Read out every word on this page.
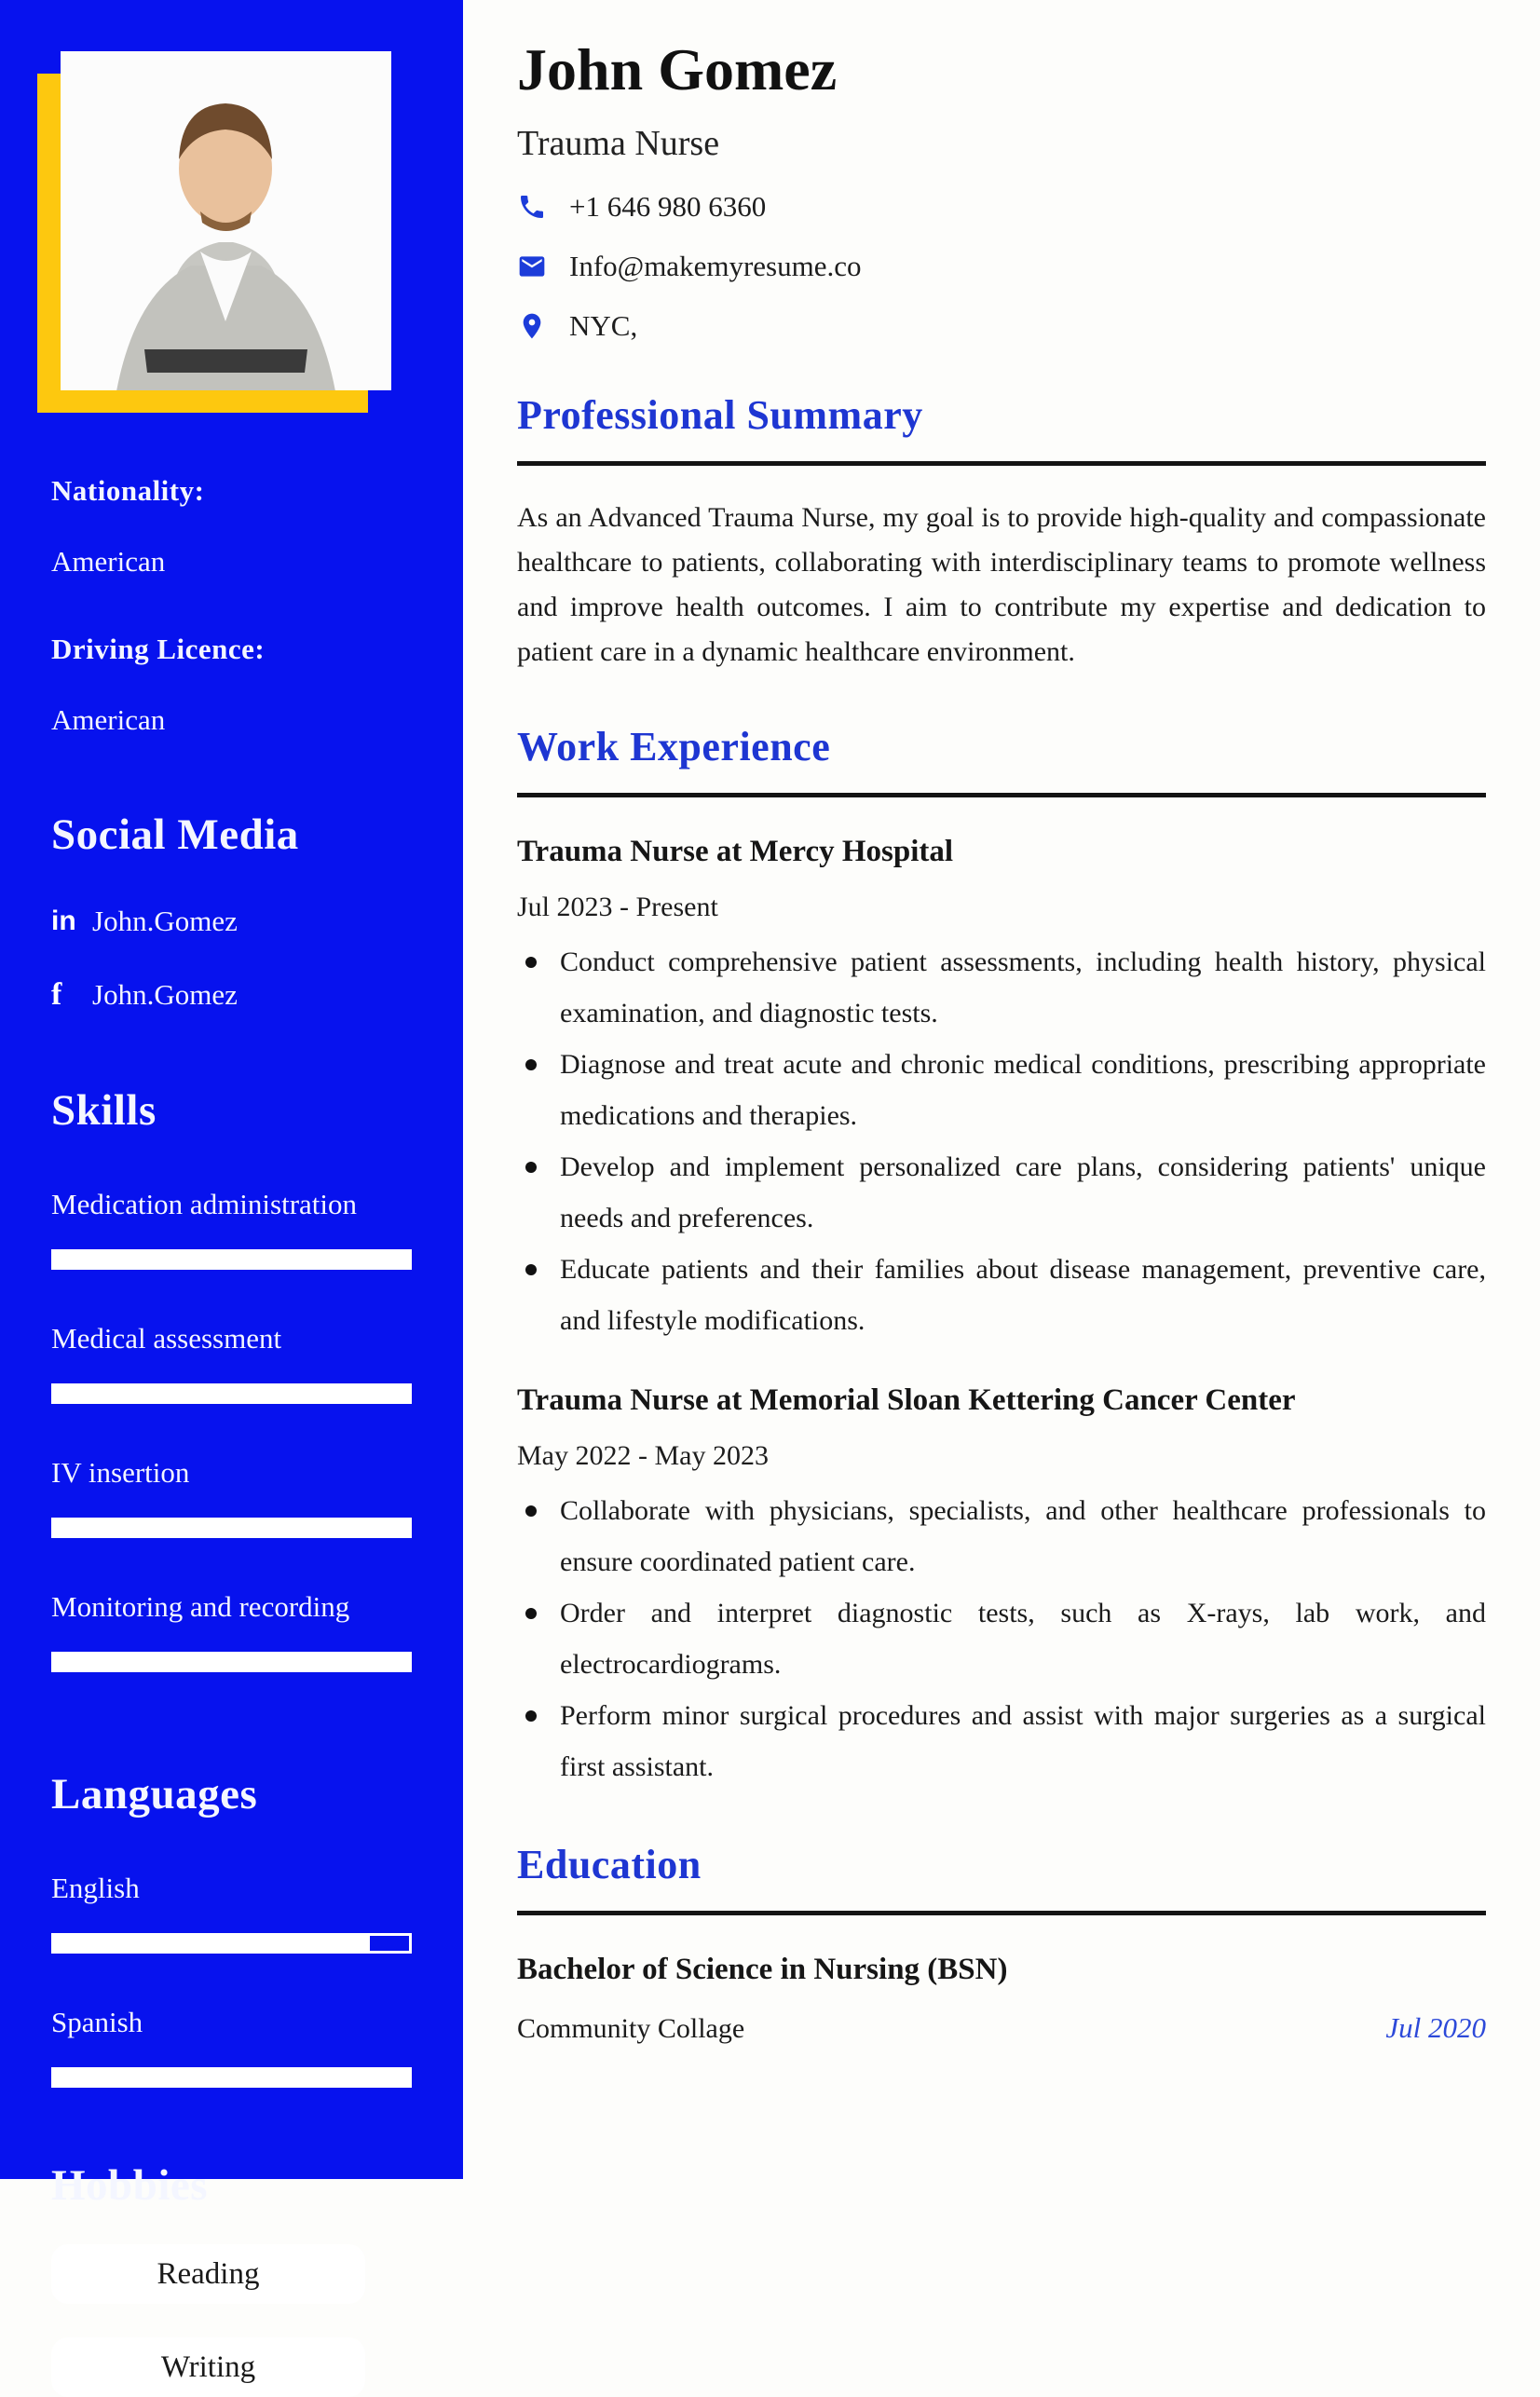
Nationality:
American
Driving Licence:
American
Social Media
in John.Gomez
f	John.Gomez
Skills
Medication administration
Medical assessment
IV insertion
Monitoring and recording
Languages
English
Spanish
Hobbies
Reading
Writing
John Gomez
Trauma Nurse
+1 646 980 6360
Info@makemyresume.co
NYC,
Professional Summary

As an Advanced Trauma Nurse, my goal is to provide high-quality and compassionate healthcare to patients, collaborating with interdisciplinary teams to promote wellness and improve health outcomes. I aim to contribute my expertise and dedication to patient care in a dynamic healthcare environment.

Work Experience
Trauma Nurse at Mercy Hospital
Jul 2023 - Present
Conduct comprehensive patient assessments, including health history, physical examination, and diagnostic tests.
Diagnose and treat acute and chronic medical conditions, prescribing appropriate medications and therapies.
Develop and implement personalized care plans, considering patients' unique needs and preferences.
Educate patients and their families about disease management, preventive care, and lifestyle modifications.
Trauma Nurse at Memorial Sloan Kettering Cancer Center
May 2022 - May 2023
Collaborate with physicians, specialists, and other healthcare professionals to ensure coordinated patient care.
Order and interpret diagnostic tests, such as X-rays, lab work, and electrocardiograms.
Perform minor surgical procedures and assist with major surgeries as a surgical first assistant.
Education
Bachelor of Science in Nursing (BSN)
Community Collage	Jul 2020
